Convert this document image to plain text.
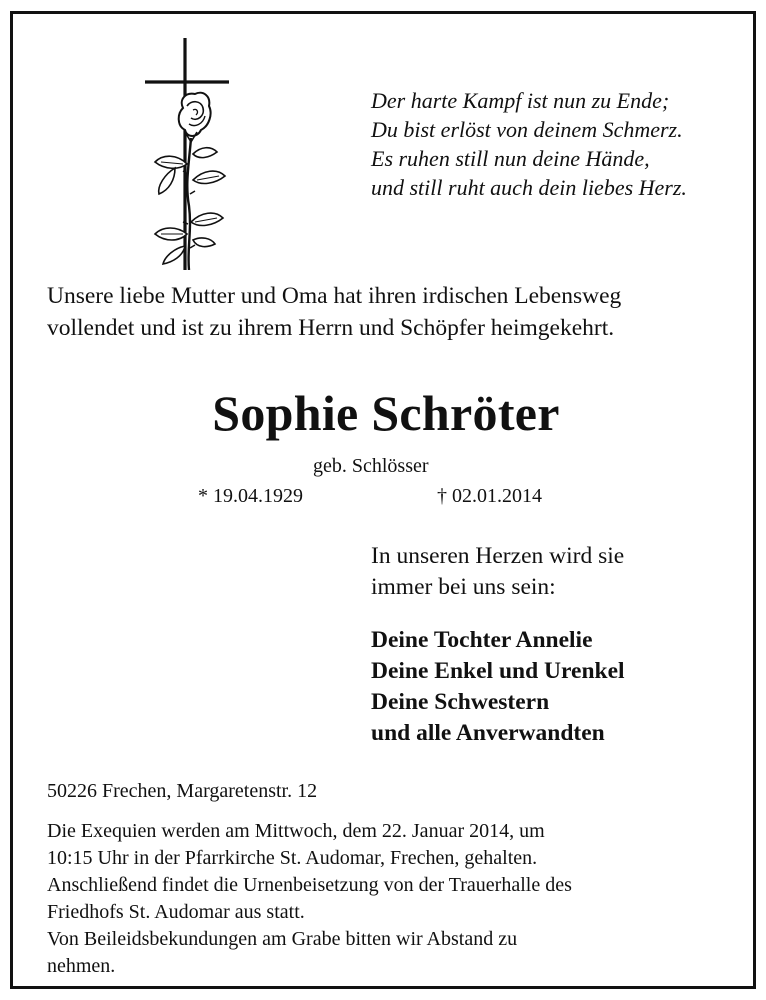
Der harte Kampf ist nun zu Ende;
Du bist erlöst von deinem Schmerz.
Es ruhen still nun deine Hände,
und still ruht auch dein liebes Herz.
Unsere liebe Mutter und Oma hat ihren irdischen Lebensweg
vollendet und ist zu ihrem Herrn und Schöpfer heimgekehrt.
Sophie Schröter
geb. Schlösser
* 19.04.1929	† 02.01.2014
In unseren Herzen wird sie
immer bei uns sein:
Deine Tochter Annelie
Deine Enkel und Urenkel
Deine Schwestern
und alle Anverwandten
50226 Frechen, Margaretenstr. 12
Die Exequien werden am Mittwoch, dem 22. Januar 2014, um
10:15 Uhr in der Pfarrkirche St. Audomar, Frechen, gehalten.
Anschließend findet die Urnenbeisetzung von der Trauerhalle des
Friedhofs St. Audomar aus statt.
Von Beileidsbekundungen am Grabe bitten wir Abstand zu
nehmen.
